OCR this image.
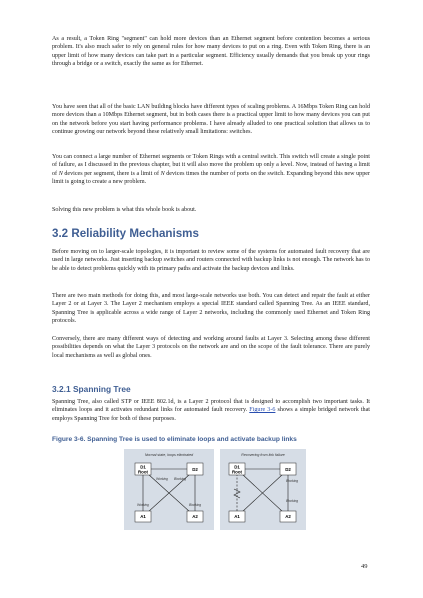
As a result, a Token Ring "segment" can hold more devices than an Ethernet segment before contention becomes a serious problem. It's also much safer to rely on general rules for how many devices to put on a ring. Even with Token Ring, there is an upper limit of how many devices can take part in a particular segment. Efficiency usually demands that you break up your rings through a bridge or a switch, exactly the same as for Ethernet.

You have seen that all of the basic LAN building blocks have different types of scaling problems. A 16Mbps Token Ring can hold more devices than a 10Mbps Ethernet segment, but in both cases there is a practical upper limit to how many devices you can put on the network before you start having performance problems. I have already alluded to one practical solution that allows us to continue growing our network beyond these relatively small limitations: switches.

You can connect a large number of Ethernet segments or Token Rings with a central switch. This switch will create a single point of failure, as I discussed in the previous chapter, but it will also move the problem up only a level. Now, instead of having a limit of N devices per segment, there is a limit of N devices times the number of ports on the switch. Expanding beyond this new upper limit is going to create a new problem.

Solving this new problem is what this whole book is about.

3.2 Reliability Mechanisms

Before moving on to larger-scale topologies, it is important to review some of the systems for automated fault recovery that are used in large networks. Just inserting backup switches and routers connected with backup links is not enough. The network has to be able to detect problems quickly with its primary paths and activate the backup devices and links.

There are two main methods for doing this, and most large-scale networks use both. You can detect and repair the fault at either Layer 2 or at Layer 3. The Layer 2 mechanism employs a special IEEE standard called Spanning Tree. As an IEEE standard, Spanning Tree is applicable across a wide range of Layer 2 networks, including the commonly used Ethernet and Token Ring protocols.

Conversely, there are many different ways of detecting and working around faults at Layer 3. Selecting among these different possibilities depends on what the Layer 3 protocols on the network are and on the scope of the fault tolerance. There are purely local mechanisms as well as global ones.

3.2.1 Spanning Tree

Spanning Tree, also called STP or IEEE 802.1d, is a Layer 2 protocol that is designed to accomplish two important tasks. It eliminates loops and it activates redundant links for automated fault recovery. Figure 3-6 shows a simple bridged network that employs Spanning Tree for both of these purposes.

Figure 3-6. Spanning Tree is used to eliminate loops and activate backup links
Normal state, loops eliminated
D1
Root	D2
A1	A2
Working Blocking
Working	Blocking
Recovering from link failure
D1
Root	D2
A1	A2
Blocking
Blocking
49
